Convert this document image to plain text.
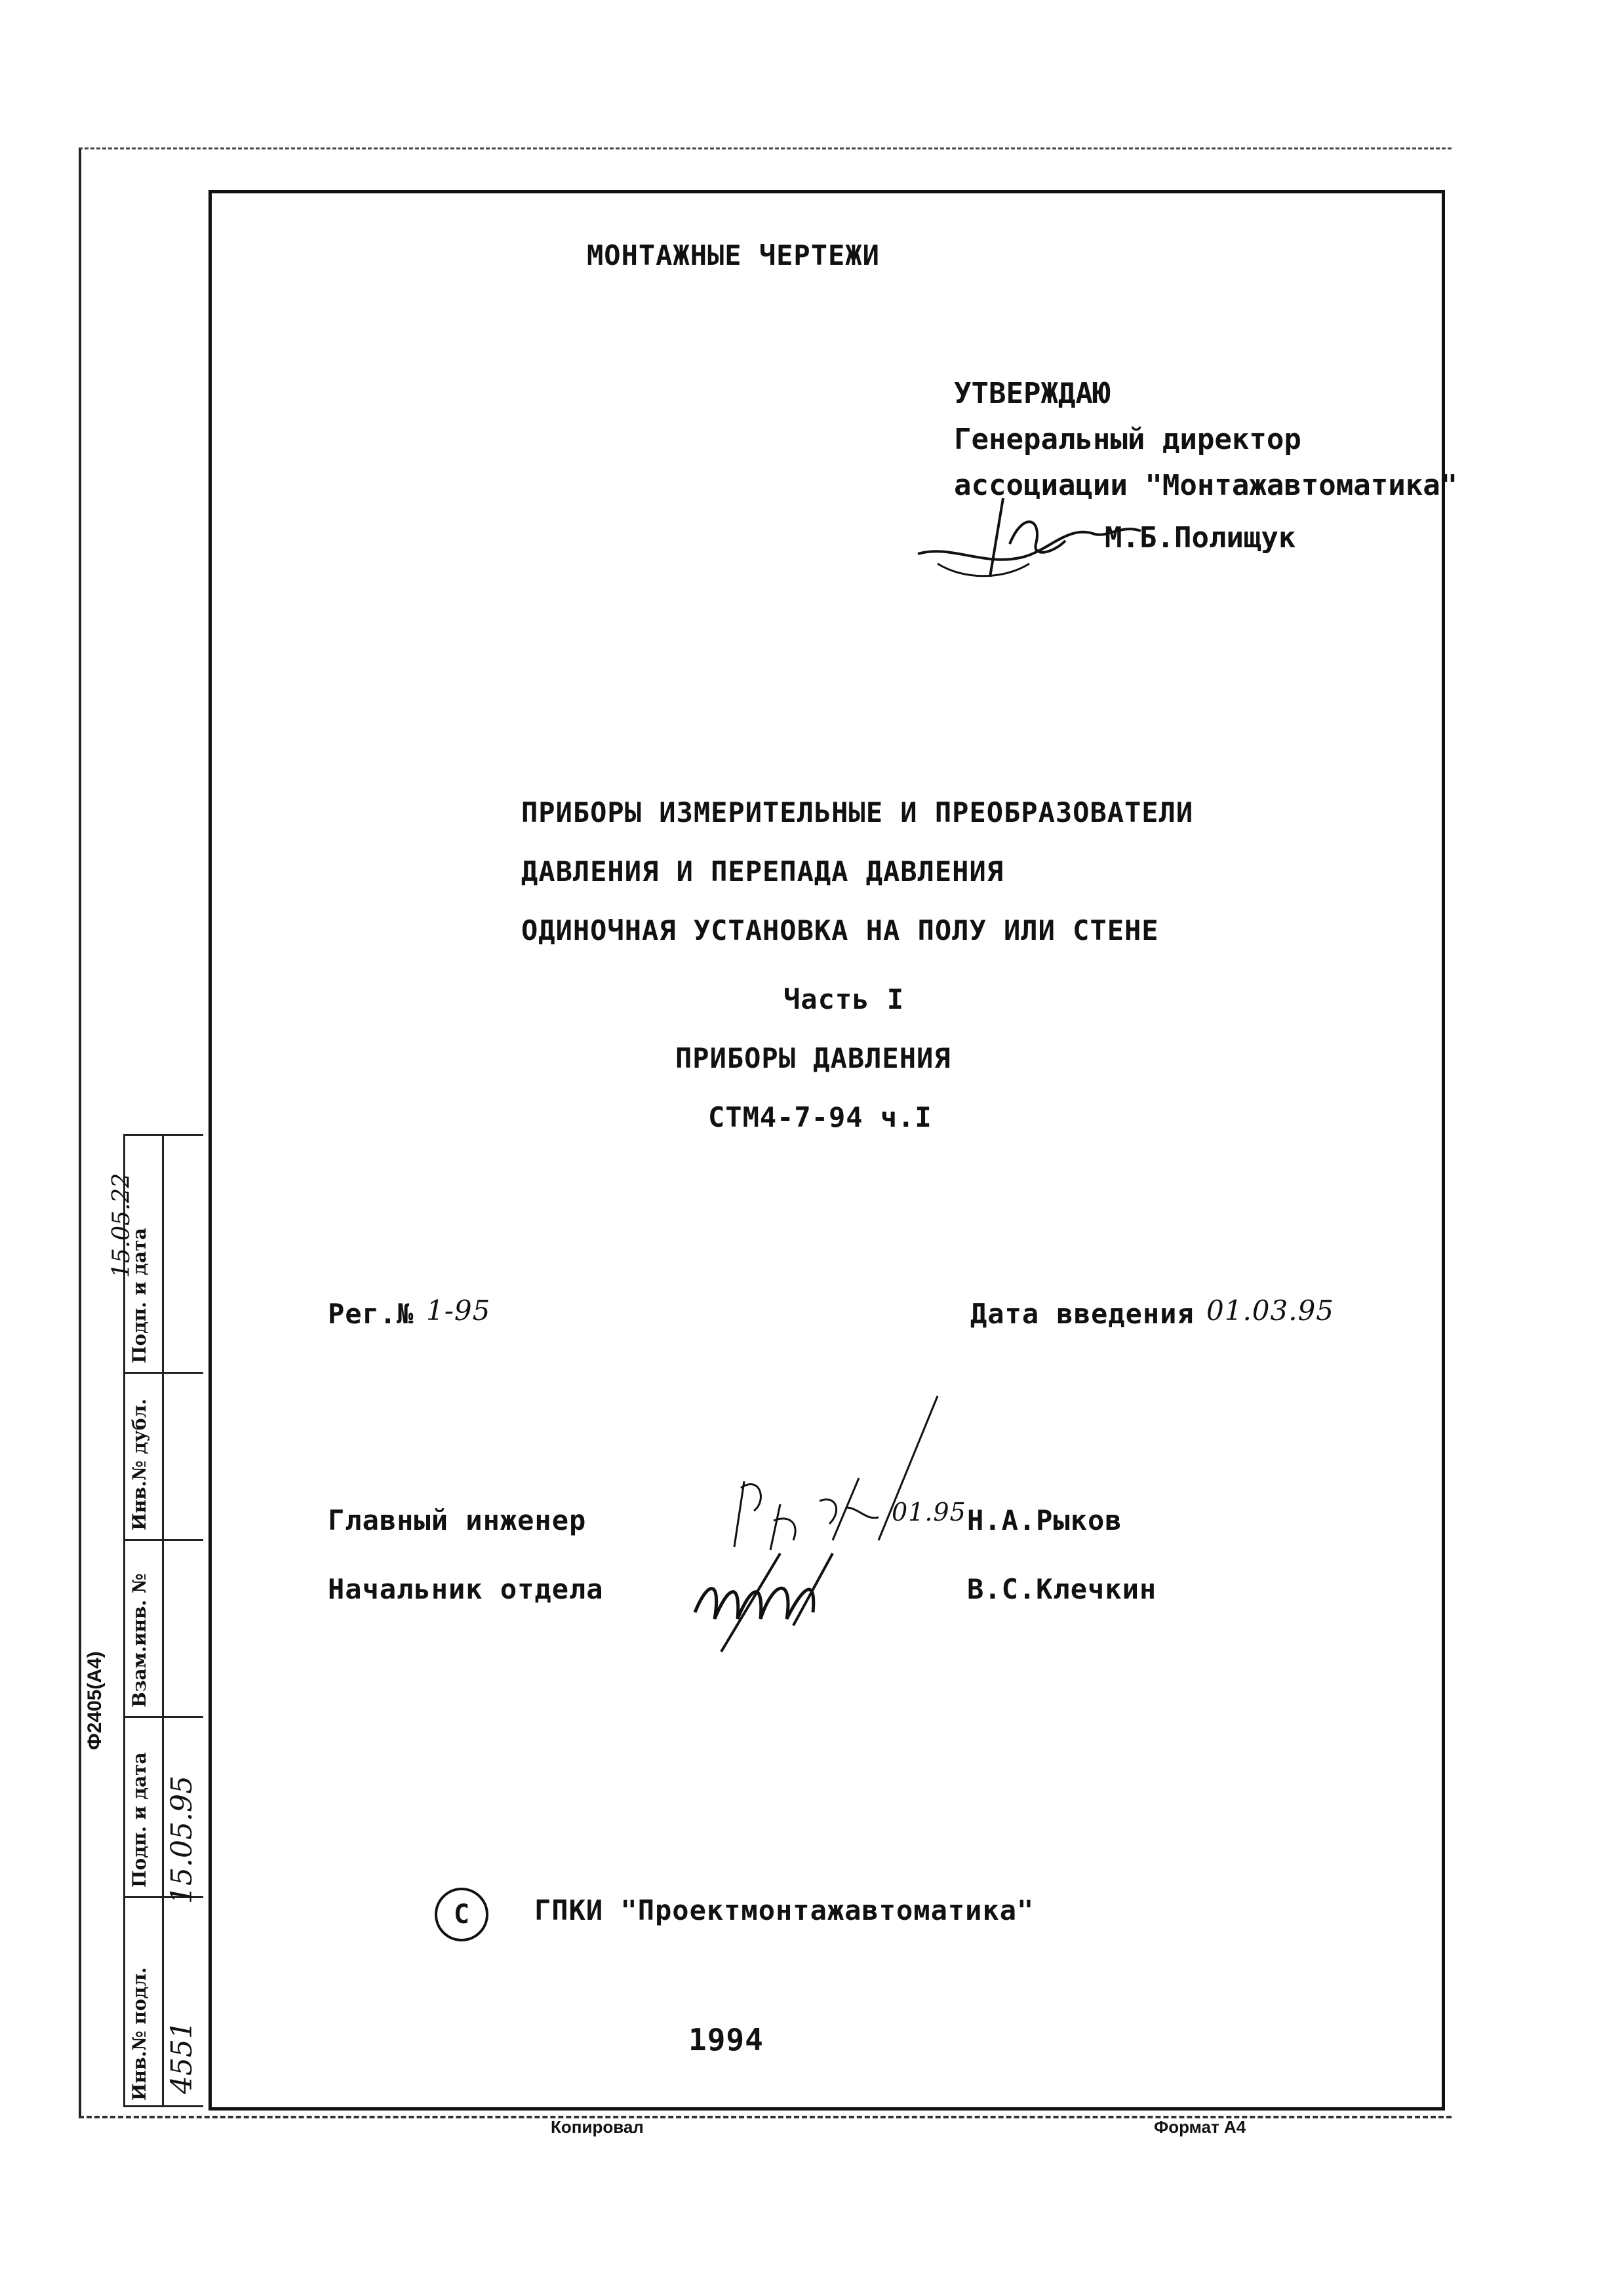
МОНТАЖНЫЕ ЧЕРТЕЖИ
УТВЕРЖДАЮ
Генеральный директор
ассоциации "Монтажавтоматика"
М.Б.Полищук
ПРИБОРЫ ИЗМЕРИТЕЛЬНЫЕ И ПРЕОБРАЗОВАТЕЛИ
ДАВЛЕНИЯ И ПЕРЕПАДА ДАВЛЕНИЯ
ОДИНОЧНАЯ УСТАНОВКА НА ПОЛУ ИЛИ СТЕНЕ
Часть I
ПРИБОРЫ ДАВЛЕНИЯ
СТМ4-7-94 ч.I
Рег.№ 1-95	Дата введения 01.03.95
Главный инженер	Н.А.Рыков
01.95
Начальник отдела	В.С.Клечкин
С	ГПКИ "Проектмонтажавтоматика"
1994
Подп. и дата
Инв.№ дубл.
Взам.инв. №
Подп. и дата
Инв.№ подл.
Ф2405(А4)
4551
15.05.95
15.05.22
Копировал	Формат А4
